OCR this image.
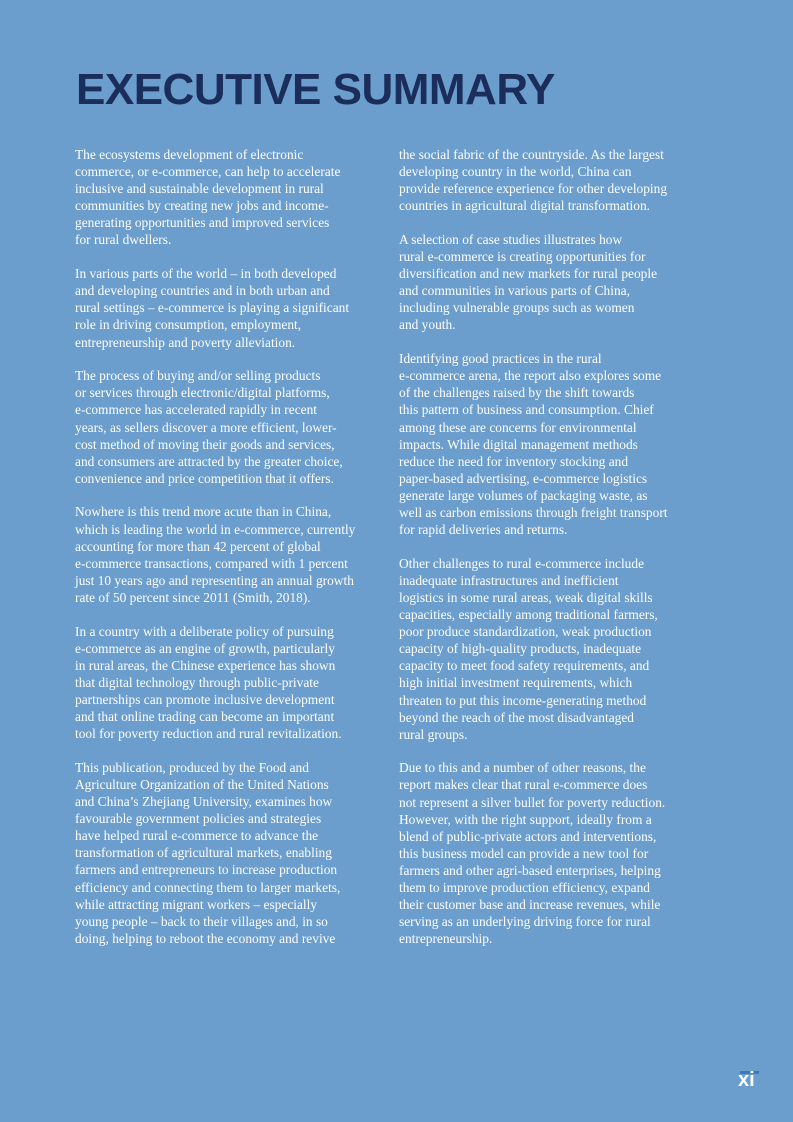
EXECUTIVE SUMMARY

The ecosystems development of electronic
commerce, or e-commerce, can help to accelerate
inclusive and sustainable development in rural
communities by creating new jobs and income-
generating opportunities and improved services
for rural dwellers.

In various parts of the world – in both developed
and developing countries and in both urban and
rural settings – e-commerce is playing a significant
role in driving consumption, employment,
entrepreneurship and poverty alleviation.

The process of buying and/or selling products
or services through electronic/digital platforms,
e-commerce has accelerated rapidly in recent
years, as sellers discover a more efficient, lower-
cost method of moving their goods and services,
and consumers are attracted by the greater choice,
convenience and price competition that it offers.

Nowhere is this trend more acute than in China,
which is leading the world in e-commerce, currently
accounting for more than 42 percent of global
e-commerce transactions, compared with 1 percent
just 10 years ago and representing an annual growth
rate of 50 percent since 2011 (Smith, 2018).

In a country with a deliberate policy of pursuing
e-commerce as an engine of growth, particularly
in rural areas, the Chinese experience has shown
that digital technology through public-private
partnerships can promote inclusive development
and that online trading can become an important
tool for poverty reduction and rural revitalization.

This publication, produced by the Food and
Agriculture Organization of the United Nations
and China’s Zhejiang University, examines how
favourable government policies and strategies
have helped rural e-commerce to advance the
transformation of agricultural markets, enabling
farmers and entrepreneurs to increase production
efficiency and connecting them to larger markets,
while attracting migrant workers – especially
young people – back to their villages and, in so
doing, helping to reboot the economy and revive

the social fabric of the countryside. As the largest
developing country in the world, China can
provide reference experience for other developing
countries in agricultural digital transformation.

A selection of case studies illustrates how
rural e-commerce is creating opportunities for
diversification and new markets for rural people
and communities in various parts of China,
including vulnerable groups such as women
and youth.

Identifying good practices in the rural
e-commerce arena, the report also explores some
of the challenges raised by the shift towards
this pattern of business and consumption. Chief
among these are concerns for environmental
impacts. While digital management methods
reduce the need for inventory stocking and
paper-based advertising, e-commerce logistics
generate large volumes of packaging waste, as
well as carbon emissions through freight transport
for rapid deliveries and returns.

Other challenges to rural e-commerce include
inadequate infrastructures and inefficient
logistics in some rural areas, weak digital skills
capacities, especially among traditional farmers,
poor produce standardization, weak production
capacity of high-quality products, inadequate
capacity to meet food safety requirements, and
high initial investment requirements, which
threaten to put this income-generating method
beyond the reach of the most disadvantaged
rural groups.

Due to this and a number of other reasons, the
report makes clear that rural e-commerce does
not represent a silver bullet for poverty reduction.
However, with the right support, ideally from a
blend of public-private actors and interventions,
this business model can provide a new tool for
farmers and other agri-based enterprises, helping
them to improve production efficiency, expand
their customer base and increase revenues, while
serving as an underlying driving force for rural
entrepreneurship.

xi
